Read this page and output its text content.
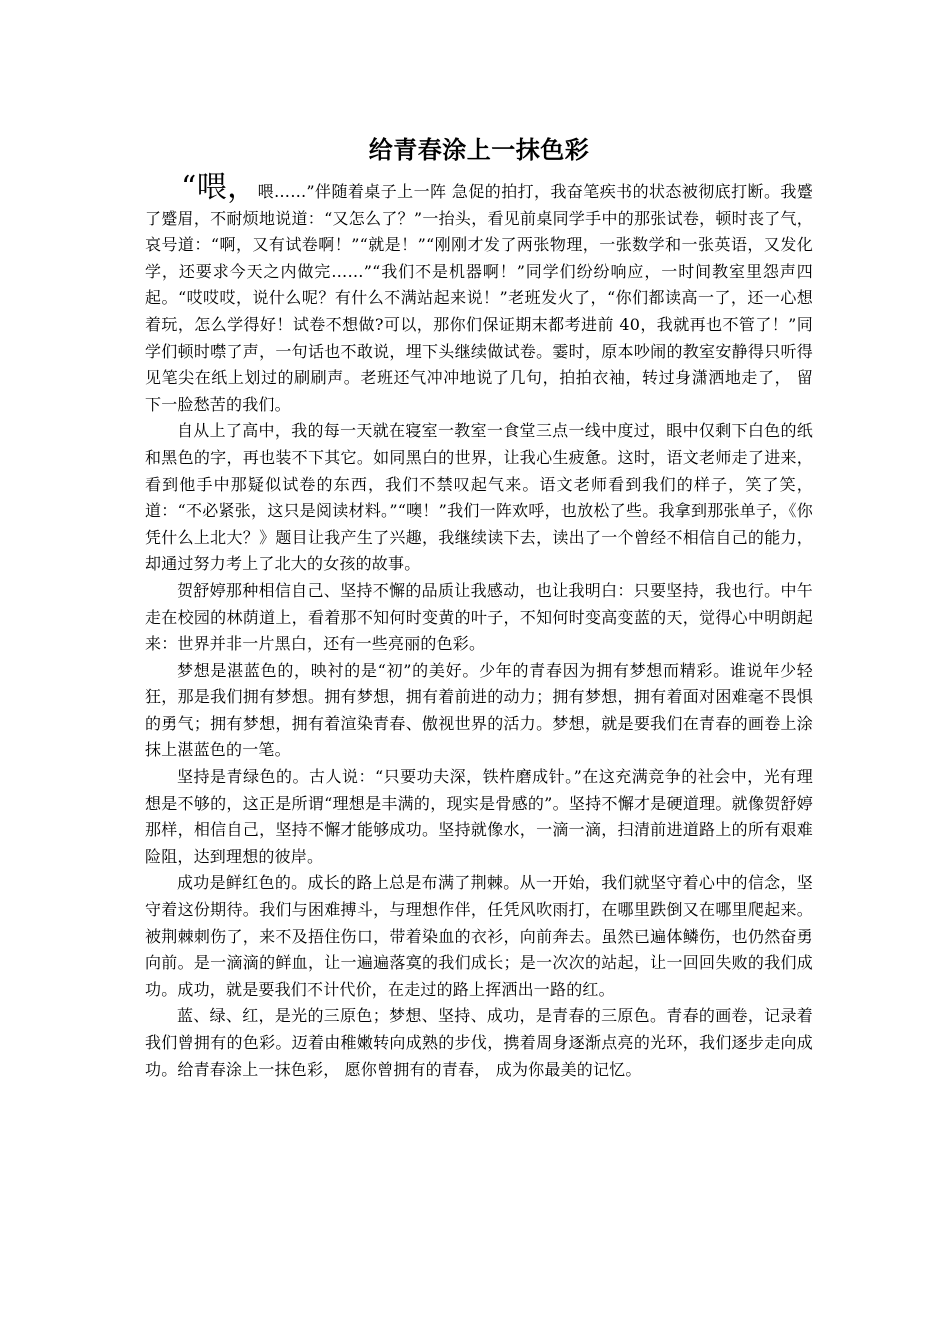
给青春涂上一抹色彩

“喂，喂……”伴随着桌子上一阵 急促的拍打，我奋笔疾书的状态被彻底打断。我蹙了蹙眉，不耐烦地说道：“又怎么了？”一抬头，看见前桌同学手中的那张试卷，顿时丧了气，哀号道：“啊，又有试卷啊！”“就是！”“刚刚才发了两张物理，一张数学和一张英语，又发化学，还要求今天之内做完……”“我们不是机器啊！”同学们纷纷响应，一时间教室里怨声四起。“哎哎哎，说什么呢？有什么不满站起来说！”老班发火了，“你们都读高一了，还一心想着玩，怎么学得好！试卷不想做?可以，那你们保证期末都考进前 40，我就再也不管了！”同学们顿时噤了声，一句话也不敢说，埋下头继续做试卷。霎时，原本吵闹的教室安静得只听得见笔尖在纸上划过的刷刷声。老班还气冲冲地说了几句，拍拍衣袖，转过身潇洒地走了， 留下一脸愁苦的我们。

自从上了高中，我的每一天就在寝室一教室一食堂三点一线中度过，眼中仅剩下白色的纸和黑色的字，再也装不下其它。如同黑白的世界，让我心生疲惫。这时，语文老师走了进来，看到他手中那疑似试卷的东西，我们不禁叹起气来。语文老师看到我们的样子，笑了笑，道：“不必紧张，这只是阅读材料。”“噢！”我们一阵欢呼，也放松了些。我拿到那张单子，《你凭什么上北大？》题目让我产生了兴趣，我继续读下去，读出了一个曾经不相信自己的能力，却通过努力考上了北大的女孩的故事。

贺舒婷那种相信自己、坚持不懈的品质让我感动，也让我明白：只要坚持，我也行。中午走在校园的林荫道上，看着那不知何时变黄的叶子，不知何时变高变蓝的天，觉得心中明朗起来：世界并非一片黑白，还有一些亮丽的色彩。

梦想是湛蓝色的，映衬的是“初”的美好。少年的青春因为拥有梦想而精彩。谁说年少轻狂，那是我们拥有梦想。拥有梦想，拥有着前进的动力；拥有梦想，拥有着面对困难毫不畏惧的勇气；拥有梦想，拥有着渲染青春、傲视世界的活力。梦想，就是要我们在青春的画卷上涂抹上湛蓝色的一笔。

坚持是青绿色的。古人说：“只要功夫深，铁杵磨成针。”在这充满竞争的社会中，光有理想是不够的，这正是所谓“理想是丰满的，现实是骨感的”。坚持不懈才是硬道理。就像贺舒婷那样，相信自己，坚持不懈才能够成功。坚持就像水，一滴一滴，扫清前进道路上的所有艰难险阻，达到理想的彼岸。

成功是鲜红色的。成长的路上总是布满了荆棘。从一开始，我们就坚守着心中的信念，坚守着这份期待。我们与困难搏斗，与理想作伴，任凭风吹雨打，在哪里跌倒又在哪里爬起来。被荆棘刺伤了，来不及捂住伤口，带着染血的衣衫，向前奔去。虽然已遍体鳞伤，也仍然奋勇向前。是一滴滴的鲜血，让一遍遍落寞的我们成长；是一次次的站起，让一回回失败的我们成功。成功，就是要我们不计代价，在走过的路上挥洒出一路的红。

蓝、绿、红，是光的三原色；梦想、坚持、成功，是青春的三原色。青春的画卷，记录着我们曾拥有的色彩。迈着由稚嫩转向成熟的步伐，携着周身逐渐点亮的光环，我们逐步走向成功。给青春涂上一抹色彩， 愿你曾拥有的青春， 成为你最美的记忆。
